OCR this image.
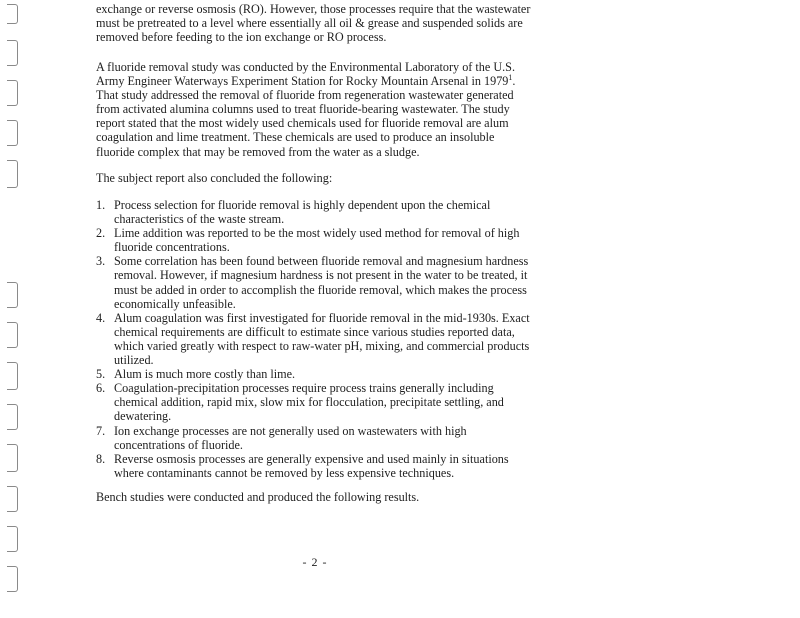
exchange or reverse osmosis (RO). However, those processes require that the wastewater must be pretreated to a level where essentially all oil & grease and suspended solids are removed before feeding to the ion exchange or RO process.

A fluoride removal study was conducted by the Environmental Laboratory of the U.S. Army Engineer Waterways Experiment Station for Rocky Mountain Arsenal in 1979$^1$. That study addressed the removal of fluoride from regeneration wastewater generated from activated alumina columns used to treat fluoride-bearing wastewater. The study report stated that the most widely used chemicals used for fluoride removal are alum coagulation and lime treatment. These chemicals are used to produce an insoluble fluoride complex that may be removed from the water as a sludge.

The subject report also concluded the following:

1. Process selection for fluoride removal is highly dependent upon the chemical characteristics of the waste stream.
2. Lime addition was reported to be the most widely used method for removal of high fluoride concentrations.
3. Some correlation has been found between fluoride removal and magnesium hardness removal. However, if magnesium hardness is not present in the water to be treated, it must be added in order to accomplish the fluoride removal, which makes the process economically unfeasible.
4. Alum coagulation was first investigated for fluoride removal in the mid-1930s. Exact chemical requirements are difficult to estimate since various studies reported data, which varied greatly with respect to raw-water pH, mixing, and commercial products utilized.
5. Alum is much more costly than lime.
6. Coagulation-precipitation processes require process trains generally including chemical addition, rapid mix, slow mix for flocculation, precipitate settling, and dewatering.
7. Ion exchange processes are not generally used on wastewaters with high concentrations of fluoride.
8. Reverse osmosis processes are generally expensive and used mainly in situations where contaminants cannot be removed by less expensive techniques.

Bench studies were conducted and produced the following results.

- 2 -
